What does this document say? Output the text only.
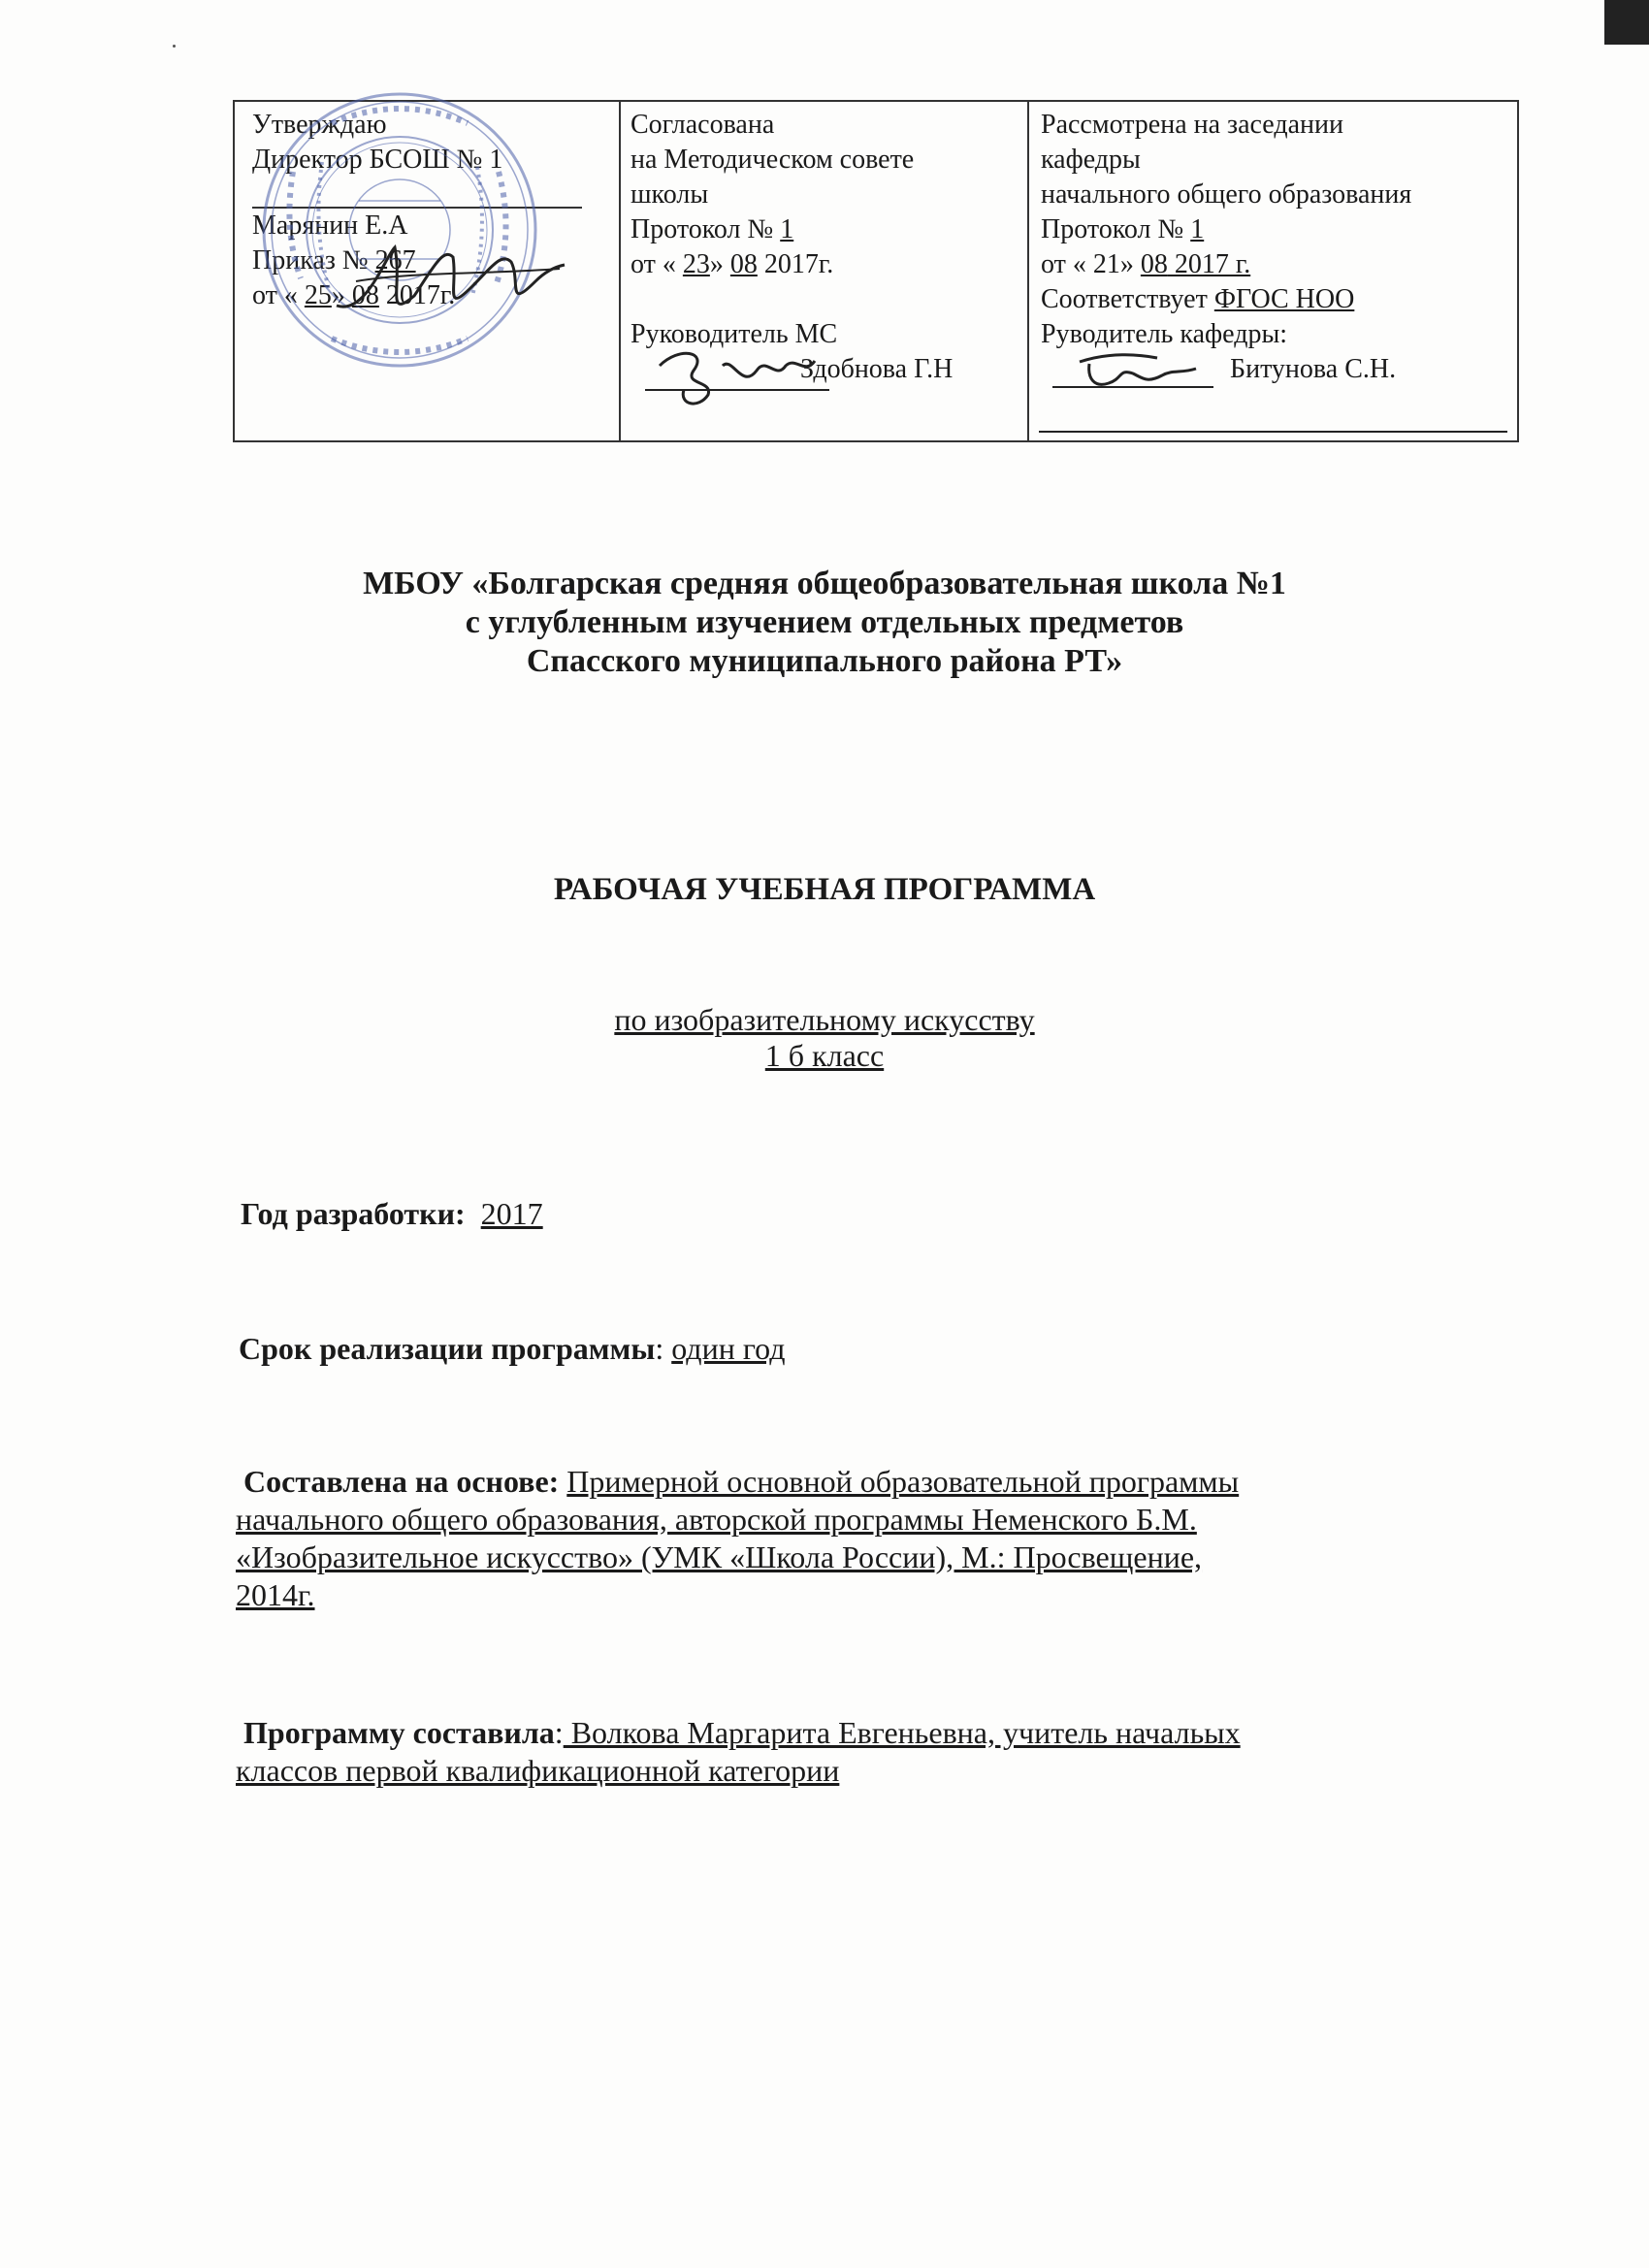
Утверждаю
Директор БСОШ № 1
Марянин Е.А
Приказ № 267
от « 25» 08 2017г.
Согласована
на Методическом совете
школы
Протокол № 1
от « 23» 08 2017г.
Руководитель МС
Здобнова Г.Н
Рассмотрена на заседании
кафедры
начального общего образования
Протокол № 1
от « 21» 08 2017 г.
Соответствует ФГОС НОО
Руводитель кафедры:
Битунова С.Н.
МБОУ «Болгарская средняя общеобразовательная школа №1
с углубленным изучением отдельных предметов
Спасского муниципального района РТ»
РАБОЧАЯ УЧЕБНАЯ ПРОГРАММА
по изобразительному искусству
1 б класс
Год разработки: 2017
Срок реализации программы: один год
Составлена на основе: Примерной основной образовательной программы
начального общего образования, авторской программы Неменского Б.М.
«Изобразительное искусство» (УМК «Школа России), М.: Просвещение,
2014г.
Программу составила: Волкова Маргарита Евгеньевна, учитель начальых
классов первой квалификационной категории
